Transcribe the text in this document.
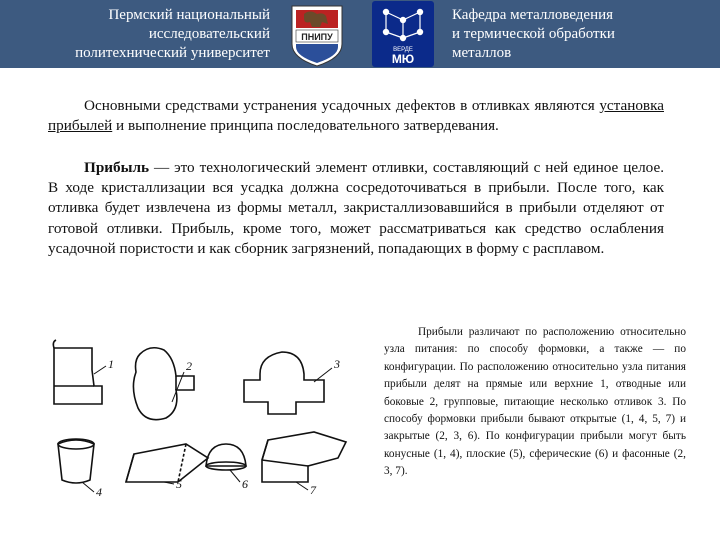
Пермский национальный
исследовательский
политехнический университет
ПНИПУ
ВЕРДЕ
МЮ
Кафедра металловедения
и термической обработки
металлов

Основными средствами устранения усадочных дефектов в отливках являются установка прибылей и выполнение принципа последовательного затвердевания.

Прибыль — это технологический элемент отливки, составляющий с ней единое целое. В ходе кристаллизации вся усадка должна сосредоточиваться в прибыли. После того, как отливка будет извлечена из формы металл, закристаллизовавшийся в прибыли отделяют от готовой отливки. Прибыль, кроме того, может рассматриваться как средство ослабления усадочной пористости и как сборник загрязнений, попадающих в форму с расплавом.

1	2	3
4
5	6	7

Прибыли различают по расположению относительно узла питания: по способу формовки, а также — по конфигурации. По расположению относительно узла питания прибыли делят на прямые или верхние 1, отводные или боковые 2, групповые, питающие несколько отливок 3. По способу формовки прибыли бывают открытые (1, 4, 5, 7) и закрытые (2, 3, 6). По конфигурации прибыли могут быть конусные (1, 4), плоские (5), сферические (6) и фасонные (2, 3, 7).
